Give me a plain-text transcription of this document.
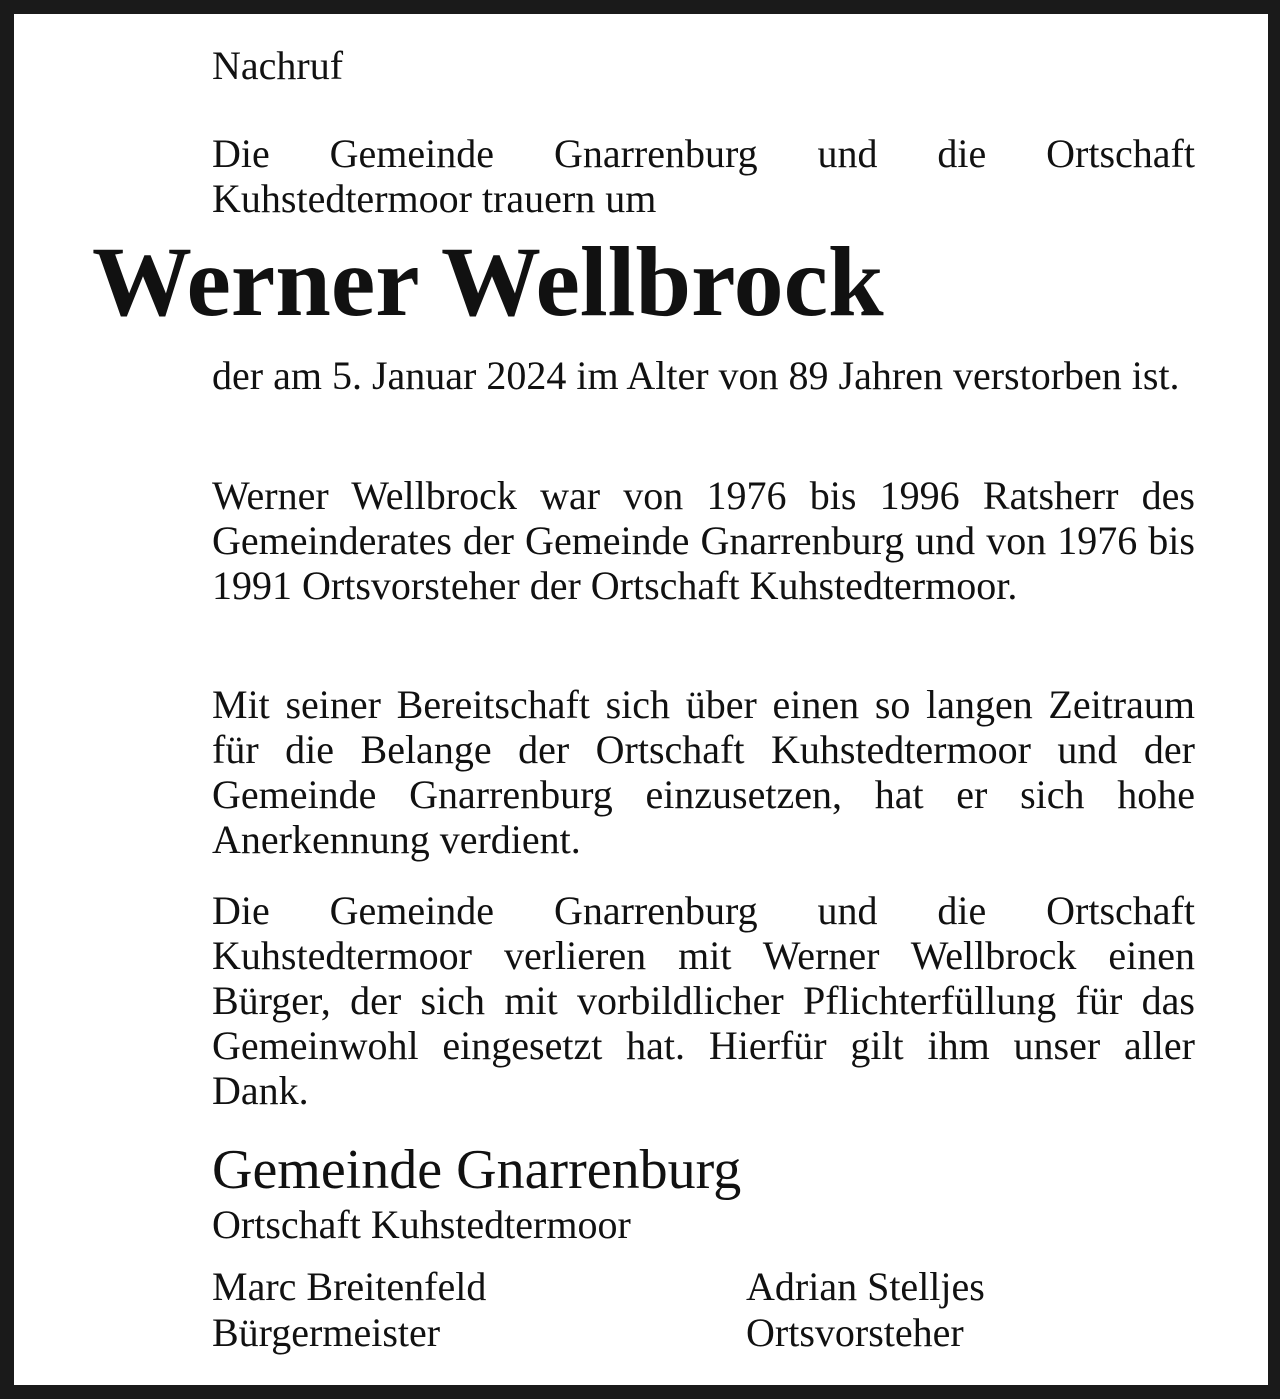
Nachruf

Die Gemeinde Gnarrenburg und die Ortschaft Kuhstedtermoor trauern um

Werner Wellbrock

der am 5. Januar 2024 im Alter von 89 Jahren verstorben ist.

Werner Wellbrock war von 1976 bis 1996 Ratsherr des Gemeinderates der Gemeinde Gnarrenburg und von 1976 bis 1991 Ortsvorsteher der Ortschaft Kuhstedtermoor.

Mit seiner Bereitschaft sich über einen so langen Zeitraum für die Belange der Ortschaft Kuhstedtermoor und der Gemeinde Gnarrenburg einzusetzen, hat er sich hohe Anerkennung verdient.

Die Gemeinde Gnarrenburg und die Ortschaft Kuhstedtermoor verlieren mit Werner Wellbrock einen Bürger, der sich mit vorbildlicher Pflichterfüllung für das Gemeinwohl eingesetzt hat. Hierfür gilt ihm unser aller Dank.

Gemeinde Gnarrenburg
Ortschaft Kuhstedtermoor
Marc Breitenfeld
Bürgermeister
Adrian Stelljes
Ortsvorsteher
